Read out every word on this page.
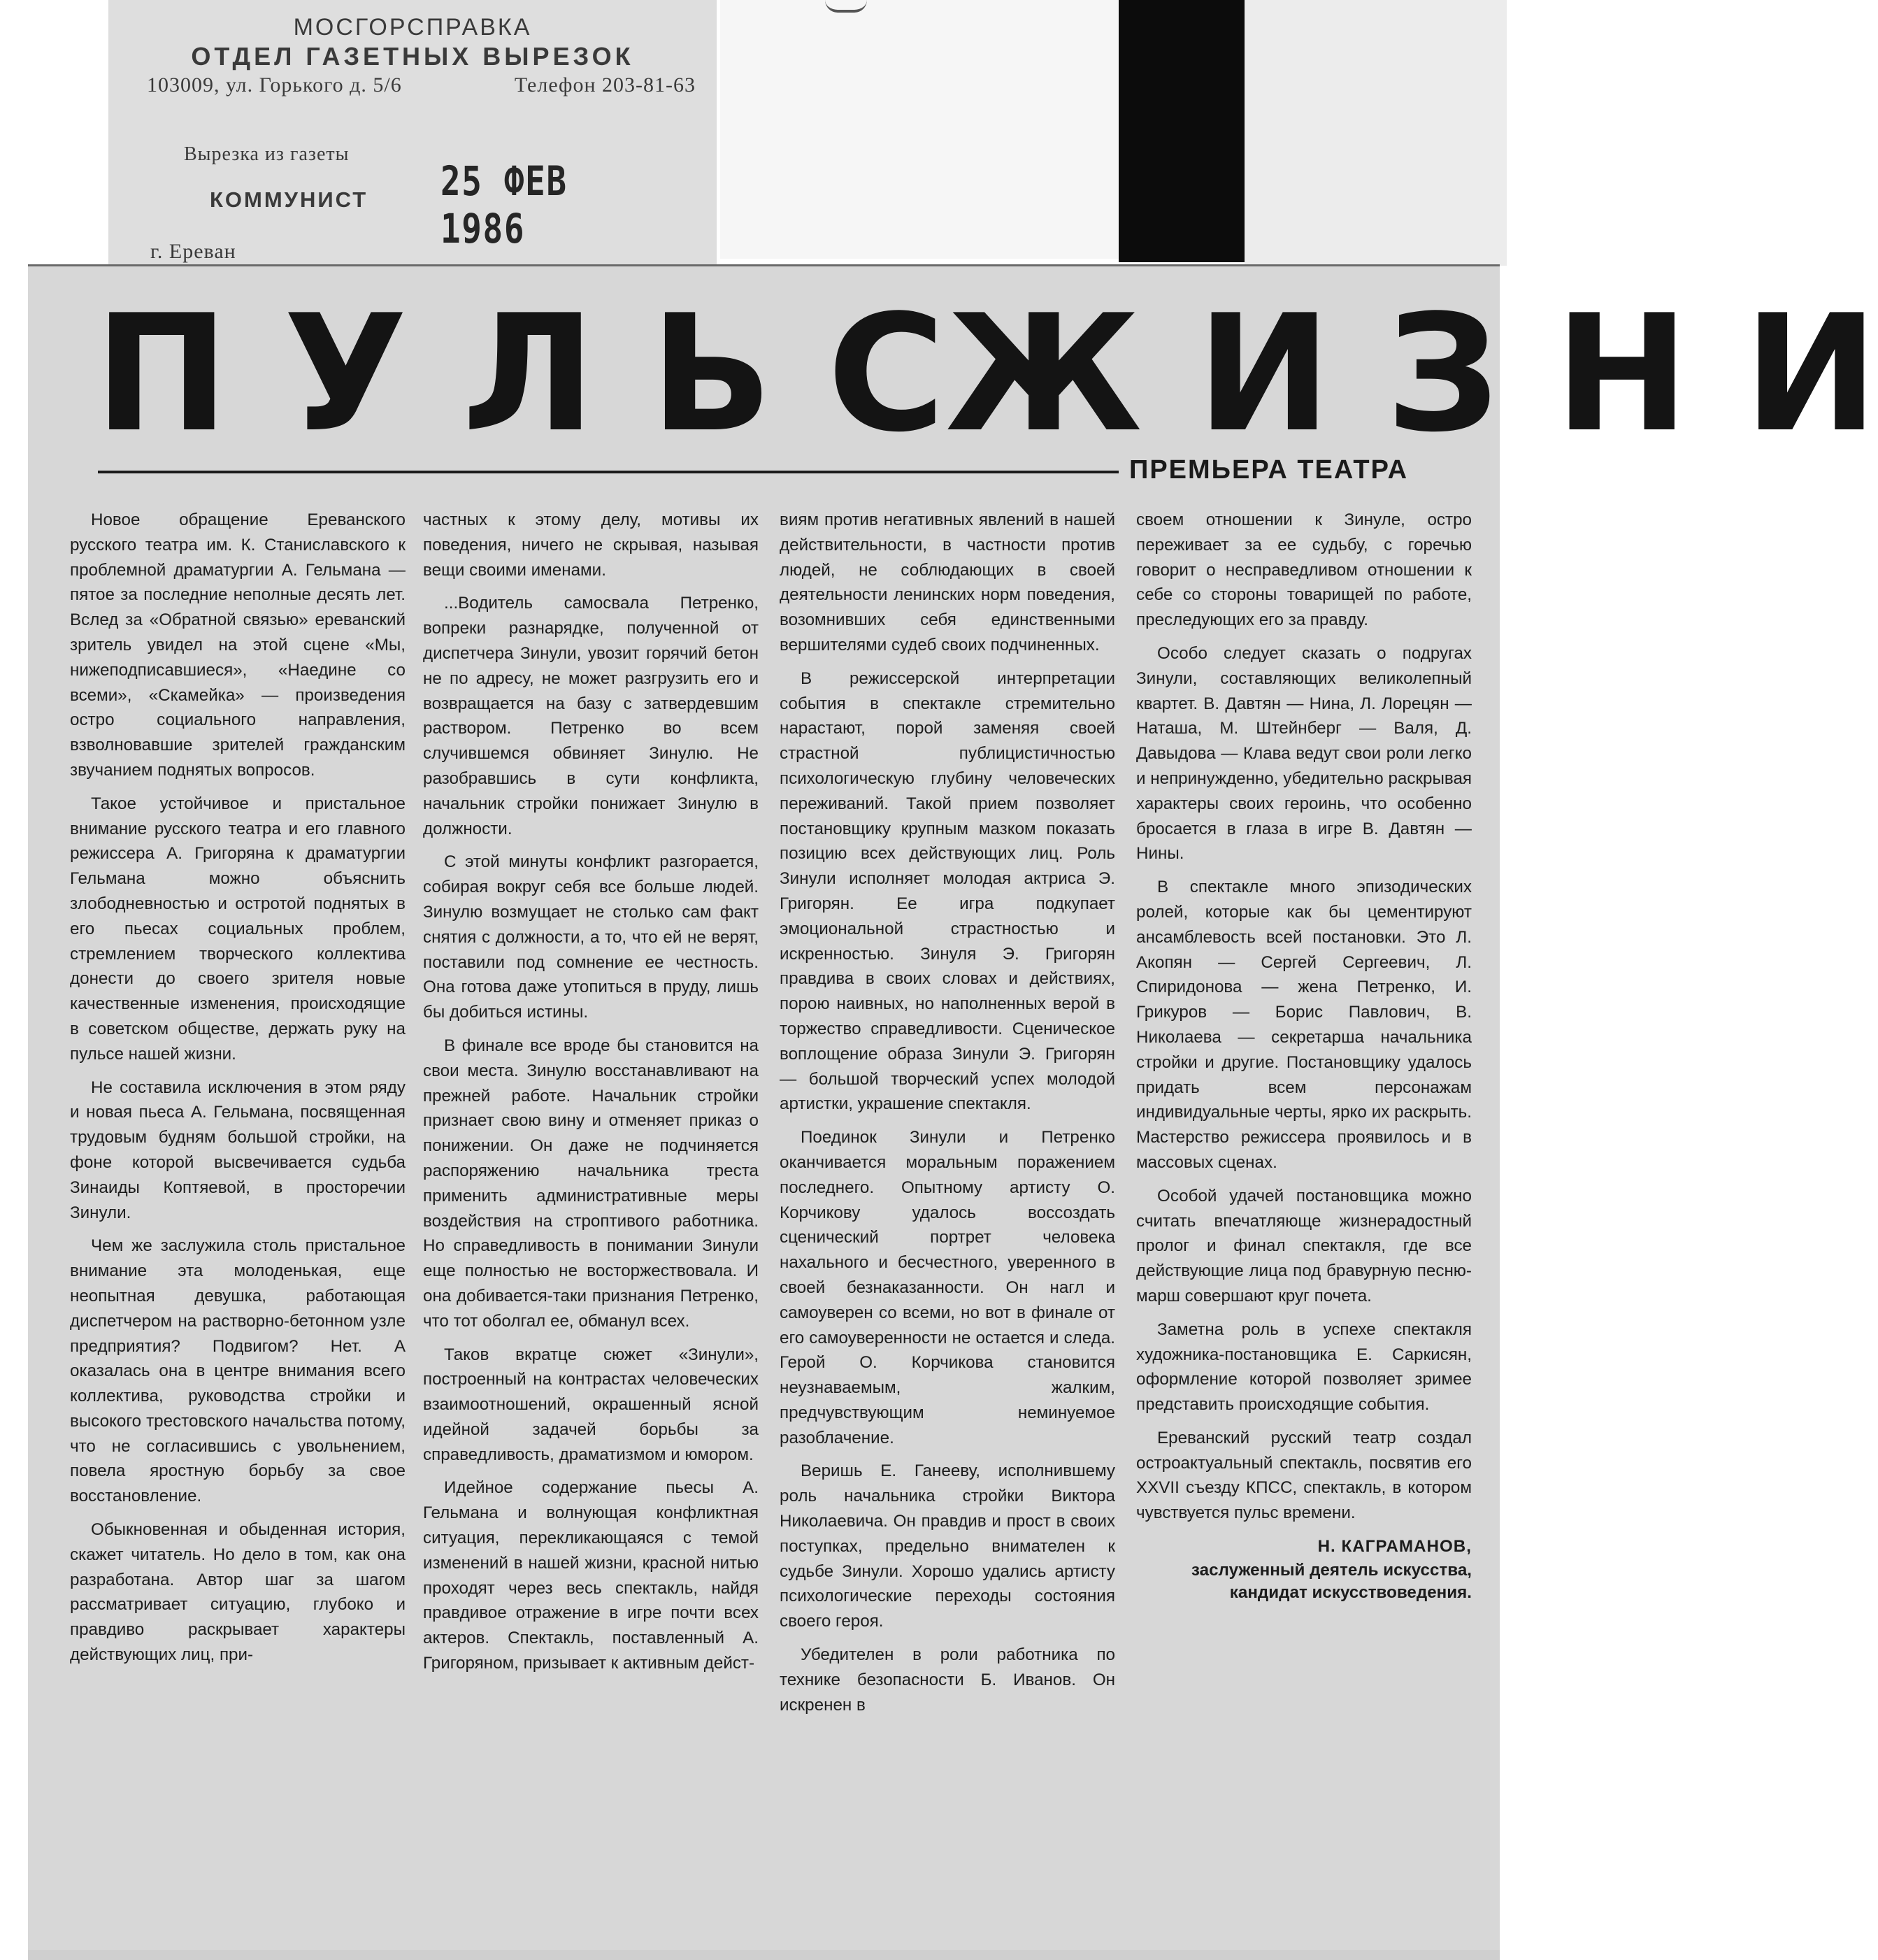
МОСГОРСПРАВКА
ОТДЕЛ ГАЗЕТНЫХ ВЫРЕЗОК
103009, ул. Горького д. 5/6	Телефон 203-81-63
Вырезка из газеты
КОММУНИСТ
г. Ереван
25 ФЕВ 1986
П У Л Ь С Ж И З Н И
ПРЕМЬЕРА ТЕАТРА

Новое обращение Ереванского русского театра им. К. Станиславского к проблемной драматургии А. Гельмана — пятое за последние неполные десять лет. Вслед за «Обратной связью» ереванский зритель увидел на этой сцене «Мы, нижеподписавшиеся», «Наедине со всеми», «Скамейка» — произведения остро социального направления, взволновавшие зрителей гражданским звучанием поднятых вопросов.

Такое устойчивое и пристальное внимание русского театра и его главного режиссера А. Григоряна к драматургии Гельмана можно объяснить злободневностью и остротой поднятых в его пьесах социальных проблем, стремлением творческого коллектива донести до своего зрителя новые качественные изменения, происходящие в советском обществе, держать руку на пульсе нашей жизни.

Не составила исключения в этом ряду и новая пьеса А. Гельмана, посвященная трудовым будням большой стройки, на фоне которой высвечивается судьба Зинаиды Коптяевой, в просторечии Зинули.

Чем же заслужила столь пристальное внимание эта молоденькая, еще неопытная девушка, работающая диспетчером на растворно-бетонном узле предприятия? Подвигом? Нет. А оказалась она в центре внимания всего коллектива, руководства стройки и высокого трестовского начальства потому, что не согласившись с увольнением, повела яростную борьбу за свое восстановление.

Обыкновенная и обыденная история, скажет читатель. Но дело в том, как она разработана. Автор шаг за шагом рассматривает ситуацию, глубоко и правдиво раскрывает характеры действующих лиц, при-

частных к этому делу, мотивы их поведения, ничего не скрывая, называя вещи своими именами.

...Водитель самосвала Петренко, вопреки разнарядке, полученной от диспетчера Зинули, увозит горячий бетон не по адресу, не может разгрузить его и возвращается на базу с затвердевшим раствором. Петренко во всем случившемся обвиняет Зинулю. Не разобравшись в сути конфликта, начальник стройки понижает Зинулю в должности.

С этой минуты конфликт разгорается, собирая вокруг себя все больше людей. Зинулю возмущает не столько сам факт снятия с должности, а то, что ей не верят, поставили под сомнение ее честность. Она готова даже утопиться в пруду, лишь бы добиться истины.

В финале все вроде бы становится на свои места. Зинулю восстанавливают на прежней работе. Начальник стройки признает свою вину и отменяет приказ о понижении. Он даже не подчиняется распоряжению начальника треста применить административные меры воздействия на строптивого работника. Но справедливость в понимании Зинули еще полностью не восторжествовала. И она добивается-таки признания Петренко, что тот оболгал ее, обманул всех.

Таков вкратце сюжет «Зинули», построенный на контрастах человеческих взаимоотношений, окрашенный ясной идейной задачей борьбы за справедливость, драматизмом и юмором.

Идейное содержание пьесы А. Гельмана и волнующая конфликтная ситуация, перекликающаяся с темой изменений в нашей жизни, красной нитью проходят через весь спектакль, найдя правдивое отражение в игре почти всех актеров. Спектакль, поставленный А. Григоряном, призывает к активным дейст-

виям против негативных явлений в нашей действительности, в частности против людей, не соблюдающих в своей деятельности ленинских норм поведения, возомнивших себя единственными вершителями судеб своих подчиненных.

В режиссерской интерпретации события в спектакле стремительно нарастают, порой заменяя своей страстной публицистичностью психологическую глубину человеческих переживаний. Такой прием позволяет постановщику крупным мазком показать позицию всех действующих лиц. Роль Зинули исполняет молодая актриса Э. Григорян. Ее игра подкупает эмоциональной страстностью и искренностью. Зинуля Э. Григорян правдива в своих словах и действиях, порою наивных, но наполненных верой в торжество справедливости. Сценическое воплощение образа Зинули Э. Григорян — большой творческий успех молодой артистки, украшение спектакля.

Поединок Зинули и Петренко оканчивается моральным поражением последнего. Опытному артисту О. Корчикову удалось воссоздать сценический портрет человека нахального и бесчестного, уверенного в своей безнаказанности. Он нагл и самоуверен со всеми, но вот в финале от его самоуверенности не остается и следа. Герой О. Корчикова становится неузнаваемым, жалким, предчувствующим неминуемое разоблачение.

Веришь Е. Ганееву, исполнившему роль начальника стройки Виктора Николаевича. Он правдив и прост в своих поступках, предельно внимателен к судьбе Зинули. Хорошо удались артисту психологические переходы состояния своего героя.

Убедителен в роли работника по технике безопасности Б. Иванов. Он искренен в

своем отношении к Зинуле, остро переживает за ее судьбу, с горечью говорит о несправедливом отношении к себе со стороны товарищей по работе, преследующих его за правду.

Особо следует сказать о подругах Зинули, составляющих великолепный квартет. В. Давтян — Нина, Л. Лорецян — Наташа, М. Штейнберг — Валя, Д. Давыдова — Клава ведут свои роли легко и непринужденно, убедительно раскрывая характеры своих героинь, что особенно бросается в глаза в игре В. Давтян — Нины.

В спектакле много эпизодических ролей, которые как бы цементируют ансамблевость всей постановки. Это Л. Акопян — Сергей Сергеевич, Л. Спиридонова — жена Петренко, И. Грикуров — Борис Павлович, В. Николаева — секретарша начальника стройки и другие. Постановщику удалось придать всем персонажам индивидуальные черты, ярко их раскрыть. Мастерство режиссера проявилось и в массовых сценах.

Особой удачей постановщика можно считать впечатляюще жизнерадостный пролог и финал спектакля, где все действующие лица под бравурную песню-марш совершают круг почета.

Заметна роль в успехе спектакля художника-постановщика Е. Саркисян, оформление которой позволяет зримее представить происходящие события.

Ереванский русский театр создал остроактуальный спектакль, посвятив его XXVII съезду КПСС, спектакль, в котором чувствуется пульс времени.

Н. КАГРАМАНОВ,
заслуженный деятель искусства, кандидат искусствоведения.
